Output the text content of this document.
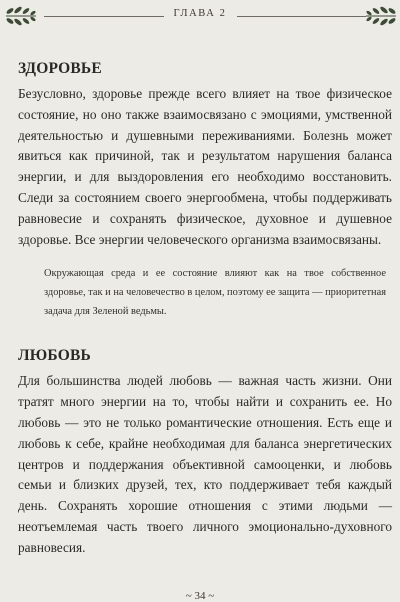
ГЛАВА 2
ЗДОРОВЬЕ

Безусловно, здоровье прежде всего влияет на твое физическое состояние, но оно также взаимосвязано с эмоциями, умственной деятельностью и душевными переживаниями. Болезнь может явиться как причиной, так и результатом нарушения баланса энергии, и для выздоровления его необходимо восстановить. Следи за состоянием своего энергообмена, чтобы поддерживать равновесие и сохранять физическое, духовное и душевное здоровье. Все энергии человеческого организма взаимосвязаны.

Окружающая среда и ее состояние влияют как на твое собственное здоровье, так и на человечество в целом, поэтому ее защита — приоритетная задача для Зеленой ведьмы.

ЛЮБОВЬ

Для большинства людей любовь — важная часть жизни. Они тратят много энергии на то, чтобы найти и сохранить ее. Но любовь — это не только романтические отношения. Есть еще и любовь к себе, крайне необходимая для баланса энергетических центров и поддержания объективной самооценки, и любовь семьи и близких друзей, тех, кто поддерживает тебя каждый день. Сохранять хорошие отношения с этими людьми — неотъемлемая часть твоего личного эмоционально-духовного равновесия.

~ 34 ~
